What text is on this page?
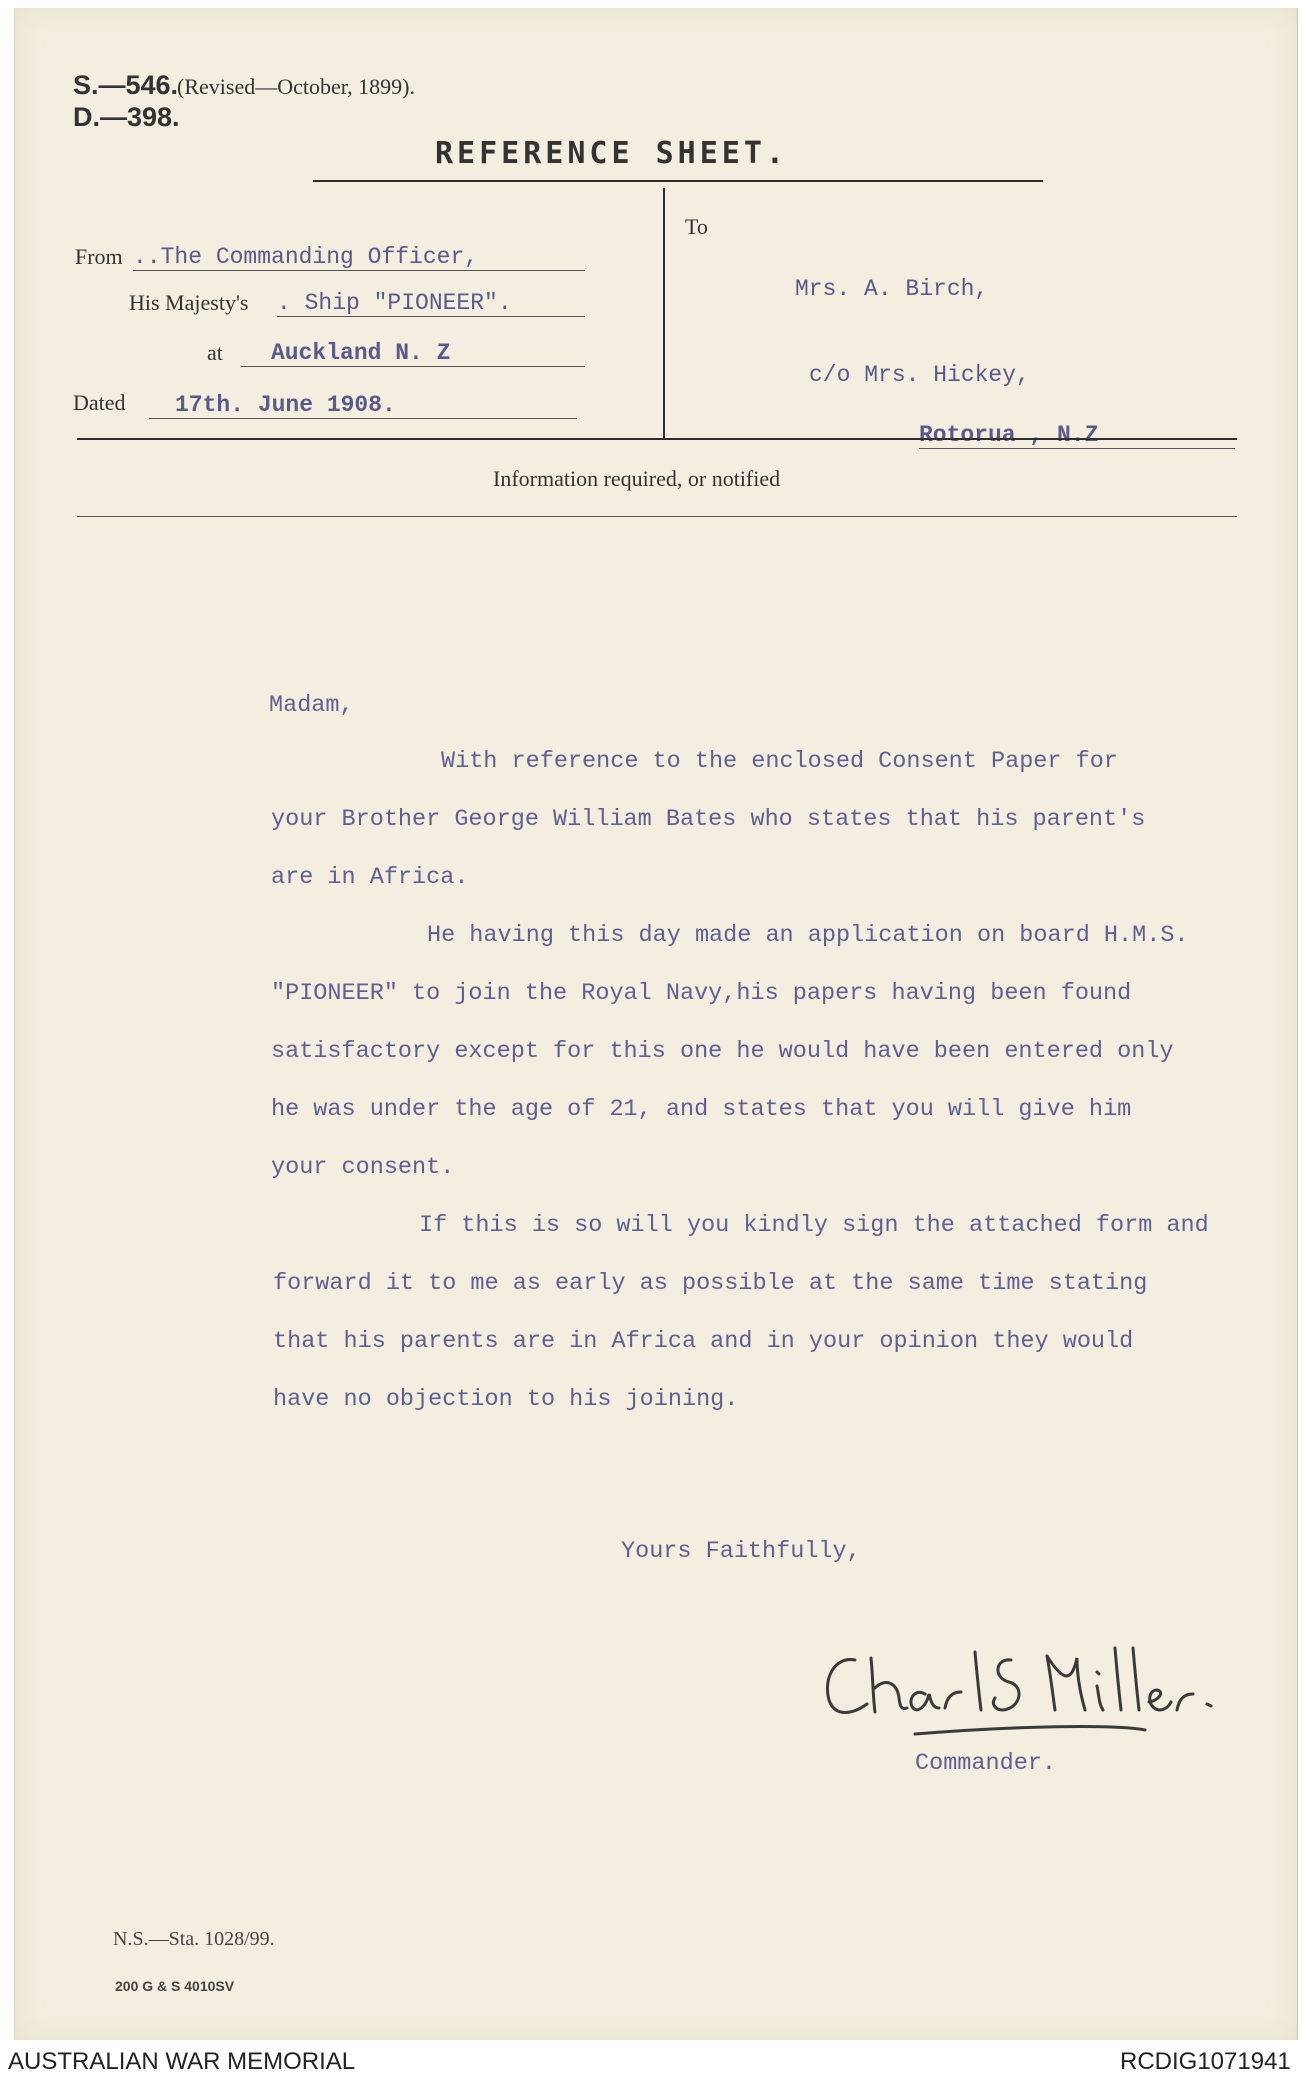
S.—546.
(Revised—October, 1899).
D.—398.
REFERENCE SHEET.
From ..The Commanding Officer,
His Majesty's . Ship "PIONEER".
at Auckland N. Z
Dated 17th. June 1908.
To
Mrs. A. Birch,
c/o Mrs. Hickey,
Rotorua , N.Z
Information required, or notified
Madam,
With reference to the enclosed Consent Paper for
your Brother George William Bates who states that his parent's
are in Africa.
He having this day made an application on board H.M.S.
"PIONEER" to join the Royal Navy,his papers having been found
satisfactory except for this one he would have been entered only
he was under the age of 21, and states that you will give him
your consent.
If this is so will you kindly sign the attached form and
forward it to me as early as possible at the same time stating
that his parents are in Africa and in your opinion they would
have no objection to his joining.
Yours Faithfully,
Commander.
N.S.—Sta. 1028/99.
200 G & S 4010SV
AUSTRALIAN WAR MEMORIAL	RCDIG1071941
